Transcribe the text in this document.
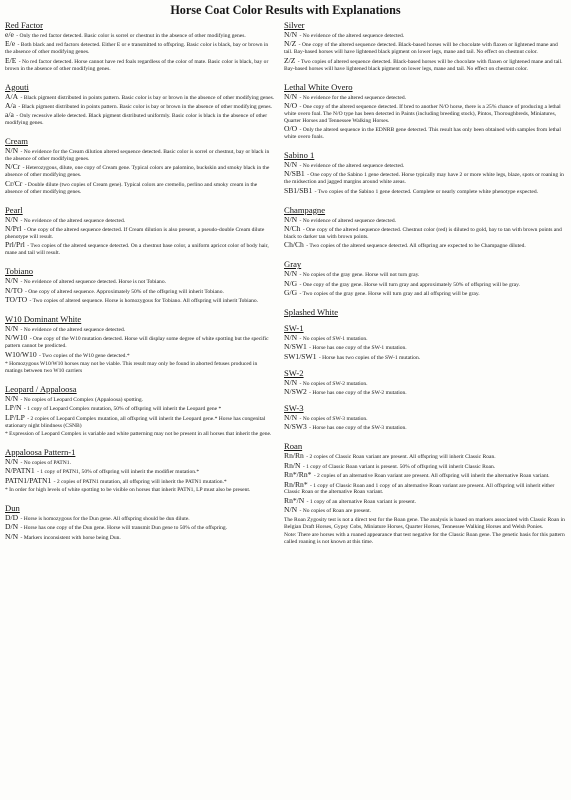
Horse Coat Color Results with Explanations
Red Factor
e/e - Only the red factor detected. Basic color is sorrel or chestnut in the absence of other modifying genes.
E/e - Both black and red factors detected. Either E or e transmitted to offspring. Basic color is black, bay or brown in the absence of other modifying genes.
E/E - No red factor detected. Horse cannot have red foals regardless of the color of mate. Basic color is black, bay or brown in the absence of other modifying genes.
Agouti
A/A - Black pigment distributed in points pattern. Basic color is bay or brown in the absence of other modifying genes.
A/a - Black pigment distributed in points pattern. Basic color is bay or brown in the absence of other modifying genes.
a/a - Only recessive allele detected. Black pigment distributed uniformly. Basic color is black in the absence of other modifying genes.
Cream
N/N - No evidence for the Cream dilution altered sequence detected. Basic color is sorrel or chestnut, bay or black in the absence of other modifying genes.
N/Cr - Heterozygous, dilute, one copy of Cream gene. Typical colors are palomino, buckskin and smoky black in the absence of other modifying genes.
Cr/Cr - Double dilute (two copies of Cream gene). Typical colors are cremello, perlino and smoky cream in the absence of other modifying genes.
Pearl
N/N - No evidence of the altered sequence detected.
N/Prl - One copy of the altered sequence detected. If Cream dilution is also present, a pseudo-double Cream dilute phenotype will result.
Prl/Prl - Two copies of the altered sequence detected. On a chestnut base color, a uniform apricot color of body hair, mane and tail will result.
Tobiano
N/N - No evidence of altered sequence detected. Horse is not Tobiano.
N/TO - One copy of altered sequence. Approximately 50% of the offspring will inherit Tobiano.
TO/TO - Two copies of altered sequence. Horse is homozygous for Tobiano. All offspring will inherit Tobiano.
W10 Dominant White
N/N - No evidence of the altered sequence detected.
N/W10 - One copy of the W10 mutation detected. Horse will display some degree of white spotting but the specific pattern cannot be predicted.
W10/W10 - Two copies of the W10 gene detected.*
* Homozygous W10/W10 horses may not be viable. This result may only be found in aborted fetuses produced in matings between two W10 carriers
Leopard / Appaloosa
N/N - No copies of Leopard Complex (Appaloosa) spotting.
LP/N - 1 copy of Leopard Complex mutation, 50% of offspring will inherit the Leopard gene *
LP/LP - 2 copies of Leopard Complex mutation, all offspring will inherit the Leopard gene.* Horse has congenital stationary night blindness (CSNB)
* Expression of Leopard Complex is variable and white patterning may not be present in all horses that inherit the gene.
Appaloosa Pattern-1
N/N - No copies of PATN1.
N/PATN1 - 1 copy of PATN1, 50% of offspring will inherit the modifier mutation.*
PATN1/PATN1 - 2 copies of PATN1 mutation, all offspring will inherit the PATN1 mutation.*
* In order for high levels of white spotting to be visible on horses that inherit PATN1, LP must also be present.
Dun
D/D - Horse is homozygous for the Dun gene. All offspring should be dun dilute.
D/N - Horse has one copy of the Dun gene. Horse will transmit Dun gene to 50% of the offspring.
N/N - Markers inconsistent with horse being Dun.
Silver
N/N - No evidence of the altered sequence detected.
N/Z - One copy of the altered sequence detected. Black-based horses will be chocolate with flaxen or lightened mane and tail. Bay-based horses will have lightened black pigment on lower legs, mane and tail. No effect on chestnut color.
Z/Z - Two copies of altered sequence detected. Black-based horses will be chocolate with flaxen or lightened mane and tail. Bay-based horses will have lightened black pigment on lower legs, mane and tail. No effect on chestnut color.
Lethal White Overo
N/N - No evidence for the altered sequence detected.
N/O - One copy of the altered sequence detected. If bred to another N/O horse, there is a 25% chance of producing a lethal white overo foal. The N/O type has been detected in Paints (including breeding stock), Pintos, Thoroughbreds, Miniatures, Quarter Horses and Tennessee Walking Horses.
O/O - Only the altered sequence in the EDNRB gene detected. This result has only been obtained with samples from lethal white overo foals.
Sabino 1
N/N - No evidence of the altered sequence detected.
N/SB1 - One copy of the Sabino 1 gene detected. Horse typically may have 2 or more white legs, blaze, spots or roaning in the midsection and jagged margins around white areas.
SB1/SB1 - Two copies of the Sabino 1 gene detected. Complete or nearly complete white phenotype expected.
Champagne
N/N - No evidence of altered sequence detected.
N/Ch - One copy of the altered sequence detected. Chestnut color (red) is diluted to gold, bay to tan with brown points and black to darker tan with brown points.
Ch/Ch - Two copies of the altered sequence detected. All offspring are expected to be Champagne diluted.
Gray
N/N - No copies of the gray gene. Horse will not turn gray.
N/G - One copy of the gray gene. Horse will turn gray and approximately 50% of offspring will be gray.
G/G - Two copies of the gray gene. Horse will turn gray and all offspring will be gray.
Splashed White
SW-1
N/N - No copies of SW-1 mutation.
N/SW1 - Horse has one copy of the SW-1 mutation.
SW1/SW1 - Horse has two copies of the SW-1 mutation.
SW-2
N/N - No copies of SW-2 mutation.
N/SW2 - Horse has one copy of the SW-2 mutation.
SW-3
N/N - No copies of SW-3 mutation.
N/SW3 - Horse has one copy of the SW-3 mutation.
Roan
Rn/Rn - 2 copies of Classic Roan variant are present. All offspring will inherit Classic Roan.
Rn/N - 1 copy of Classic Roan variant is present. 50% of offspring will inherit Classic Roan.
Rn*/Rn* - 2 copies of an alternative Roan variant are present. All offspring will inherit the alternative Roan variant.
Rn/Rn* - 1 copy of Classic Roan and 1 copy of an alternative Roan variant are present. All offspring will inherit either Classic Roan or the alternative Roan variant.
Rn*/N - 1 copy of an alternative Roan variant is present.
N/N - No copies of Roan are present.
The Roan Zygosity test is not a direct test for the Roan gene. The analysis is based on markers associated with Classic Roan in Belgian Draft Horses, Gypsy Cobs, Miniature Horses, Quarter Horses, Tennessee Walking Horses and Welsh Ponies.
Note: There are horses with a roaned appearance that test negative for the Classic Roan gene. The genetic basis for this pattern called roaning is not known at this time.
